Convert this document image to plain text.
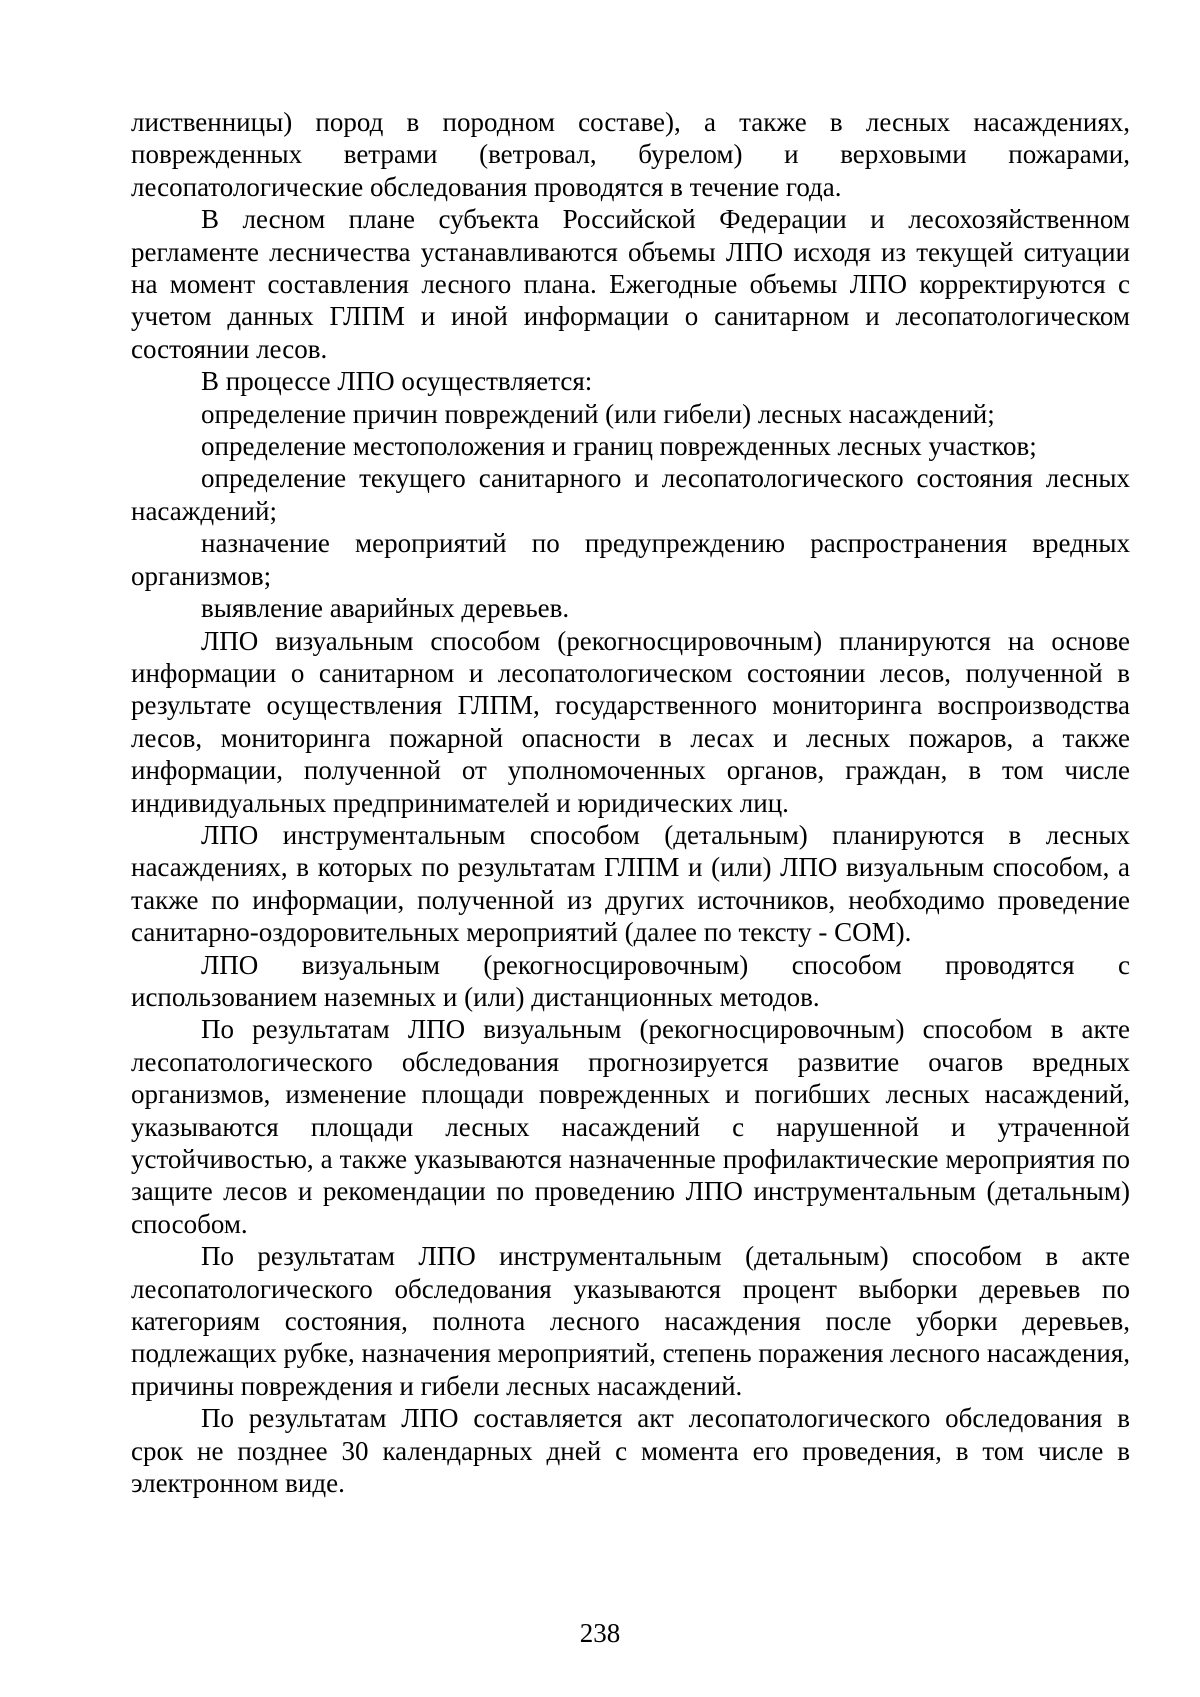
лиственницы) пород в породном составе), а также в лесных насаждениях, поврежденных ветрами (ветровал, бурелом) и верховыми пожарами, лесопатологические обследования проводятся в течение года.

В лесном плане субъекта Российской Федерации и лесохозяйственном регламенте лесничества устанавливаются объемы ЛПО исходя из текущей ситуации на момент составления лесного плана. Ежегодные объемы ЛПО корректируются с учетом данных ГЛПМ и иной информации о санитарном и лесопатологическом состоянии лесов.

В процессе ЛПО осуществляется:

определение причин повреждений (или гибели) лесных насаждений;

определение местоположения и границ поврежденных лесных участков;

определение текущего санитарного и лесопатологического состояния лесных насаждений;

назначение мероприятий по предупреждению распространения вредных организмов;

выявление аварийных деревьев.

ЛПО визуальным способом (рекогносцировочным) планируются на основе информации о санитарном и лесопатологическом состоянии лесов, полученной в результате осуществления ГЛПМ, государственного мониторинга воспроизводства лесов, мониторинга пожарной опасности в лесах и лесных пожаров, а также информации, полученной от уполномоченных органов, граждан, в том числе индивидуальных предпринимателей и юридических лиц.

ЛПО инструментальным способом (детальным) планируются в лесных насаждениях, в которых по результатам ГЛПМ и (или) ЛПО визуальным способом, а также по информации, полученной из других источников, необходимо проведение санитарно-оздоровительных мероприятий (далее по тексту - СОМ).

ЛПО визуальным (рекогносцировочным) способом проводятся с использованием наземных и (или) дистанционных методов.

По результатам ЛПО визуальным (рекогносцировочным) способом в акте лесопатологического обследования прогнозируется развитие очагов вредных организмов, изменение площади поврежденных и погибших лесных насаждений, указываются площади лесных насаждений с нарушенной и утраченной устойчивостью, а также указываются назначенные профилактические мероприятия по защите лесов и рекомендации по проведению ЛПО инструментальным (детальным) способом.

По результатам ЛПО инструментальным (детальным) способом в акте лесопатологического обследования указываются процент выборки деревьев по категориям состояния, полнота лесного насаждения после уборки деревьев, подлежащих рубке, назначения мероприятий, степень поражения лесного насаждения, причины повреждения и гибели лесных насаждений.

По результатам ЛПО составляется акт лесопатологического обследования в срок не позднее 30 календарных дней с момента его проведения, в том числе в электронном виде.

238
